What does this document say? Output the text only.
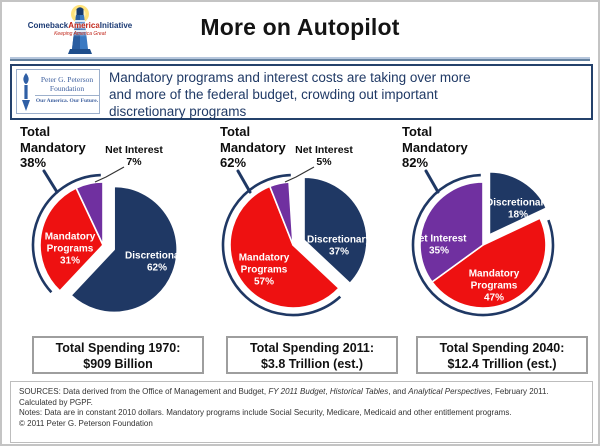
ComebackAmericaInitiative
Keeping America Great	More on Autopilot
Peter G. Peterson
Foundation
Our America. Our Future.
Mandatory programs and interest costs are taking over more
and more of the federal budget, crowding out important
discretionary programs
Total
Mandatory
38%
Net Interest
7%
Discretionary 62%
Mandatory Programs 31%
Total
Mandatory
62%
Net Interest
5%
Discretionary 37%
Mandatory Programs 57%
Total
Mandatory
82%
Discretionary 18%
Mandatory Programs 47%
Net Interest 35%
Total Spending 1970:
$909 Billion
Total Spending 2011:
$3.8 Trillion (est.)
Total Spending 2040:
$12.4 Trillion (est.)
SOURCES: Data derived from the Office of Management and Budget, FY 2011 Budget, Historical Tables, and Analytical Perspectives, February 2011.
Calculated by PGPF.
Notes: Data are in constant 2010 dollars. Mandatory programs include Social Security, Medicare, Medicaid and other entitlement programs.
© 2011 Peter G. Peterson Foundation
